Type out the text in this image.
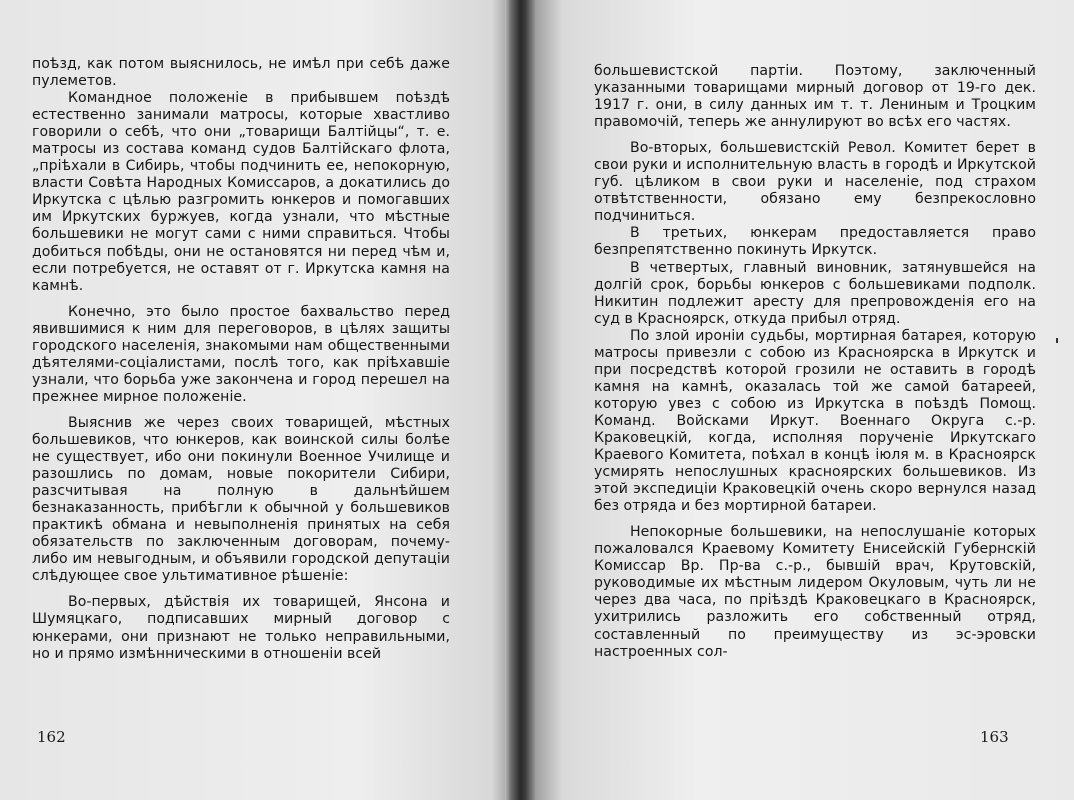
поѣзд, как потом выяснилось, не имѣл при себѣ даже пулеметов.

Командное положеніе в прибывшем поѣздѣ естественно занимали матросы, которые хвастливо говорили о себѣ, что они „товарищи Балтійцы“, т. е. матросы из состава команд судов Балтійскаго флота, „пріѣхали в Сибирь, чтобы подчинить ее, непокорную, власти Совѣта Народных Комиссаров, а докатились до Иркутска с цѣлью разгромить юнкеров и помогавших им Иркутских буржуев, когда узнали, что мѣстные большевики не могут сами с ними справиться. Чтобы добиться побѣды, они не остановятся ни перед чѣм и, если потребуется, не оставят от г. Иркутска камня на камнѣ.

Конечно, это было простое бахвальство перед явившимися к ним для переговоров, в цѣлях защиты городского населенія, знакомыми нам общественными дѣятелями-соціалистами, послѣ того, как пріѣхавшіе узнали, что борьба уже закончена и город перешел на прежнее мирное положеніе.

Выяснив же через своих товарищей, мѣстных большевиков, что юнкеров, как воинской силы болѣе не существует, ибо они покинули Военное Училище и разошлись по домам, новые покорители Сибири, разсчитывая на полную в дальнѣйшем безнаказанность, прибѣгли к обычной у большевиков практикѣ обмана и невыполненія принятых на себя обязательств по заключенным договорам, почему-либо им невыгодным, и объявили городской депутаціи слѣдующее свое ультимативное рѣшеніе:

Во-первых, дѣйствія их товарищей, Янсона и Шумяцкаго, подписавших мирный договор с юнкерами, они признают не только неправильными, но и прямо измѣнническими в отношеніи всей

162

большевистской партіи. Поэтому, заключенный указанными товарищами мирный договор от 19-го дек. 1917 г. они, в силу данных им т. т. Лениным и Троцким правомочій, теперь же аннулируют во всѣх его частях.

Во-вторых, большевистскій Револ. Комитет берет в свои руки и исполнительную власть в городѣ и Иркутской губ. цѣликом в свои руки и населеніе, под страхом отвѣтственности, обязано ему безпрекословно подчиниться.

В третьих, юнкерам предоставляется право безпрепятственно покинуть Иркутск.

В четвертых, главный виновник, затянувшейся на долгій срок, борьбы юнкеров с большевиками подполк. Никитин подлежит аресту для препровожденія его на суд в Красноярск, откуда прибыл отряд.

По злой ироніи судьбы, мортирная батарея, которую матросы привезли с собою из Красноярска в Иркутск и при посредствѣ которой грозили не оставить в городѣ камня на камнѣ, оказалась той же самой батареей, которую увез с собою из Иркутска в поѣздѣ Помощ. Команд. Войсками Иркут. Военнаго Округа с.-р. Краковецкій, когда, исполняя порученіе Иркутскаго Краевого Комитета, поѣхал в концѣ іюля м. в Красноярск усмирять непослушных красноярских большевиков. Из этой экспедиціи Краковецкій очень скоро вернулся назад без отряда и без мортирной батареи.

Непокорные большевики, на непослушаніе которых пожаловался Краевому Комитету Енисейскій Губернскій Комиссар Вр. Пр-ва с.-р., бывшій врач, Крутовскій, руководимые их мѣстным лидером Окуловым, чуть ли не через два часа, по пріѣздѣ Краковецкаго в Красноярск, ухитрились разложить его собственный отряд, составленный по преимуществу из эс-эровски настроенных сол-

163
